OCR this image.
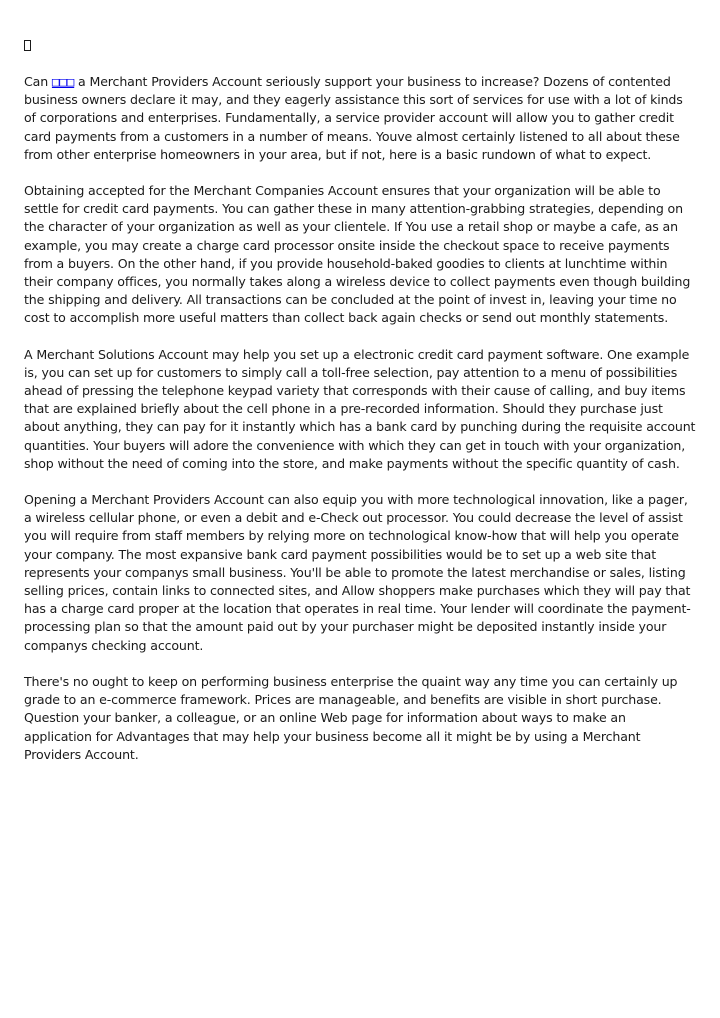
Can □□□ a Merchant Providers Account seriously support your business to increase? Dozens of contented business owners declare it may, and they eagerly assistance this sort of services for use with a lot of kinds of corporations and enterprises. Fundamentally, a service provider account will allow you to gather credit card payments from a customers in a number of means. Youve almost certainly listened to all about these from other enterprise homeowners in your area, but if not, here is a basic rundown of what to expect.

Obtaining accepted for the Merchant Companies Account ensures that your organization will be able to settle for credit card payments. You can gather these in many attention-grabbing strategies, depending on the character of your organization as well as your clientele. If You use a retail shop or maybe a cafe, as an example, you may create a charge card processor onsite inside the checkout space to receive payments from a buyers. On the other hand, if you provide household-baked goodies to clients at lunchtime within their company offices, you normally takes along a wireless device to collect payments even though building the shipping and delivery. All transactions can be concluded at the point of invest in, leaving your time no cost to accomplish more useful matters than collect back again checks or send out monthly statements.

A Merchant Solutions Account may help you set up a electronic credit card payment software. One example is, you can set up for customers to simply call a toll-free selection, pay attention to a menu of possibilities ahead of pressing the telephone keypad variety that corresponds with their cause of calling, and buy items that are explained briefly about the cell phone in a pre-recorded information. Should they purchase just about anything, they can pay for it instantly which has a bank card by punching during the requisite account quantities. Your buyers will adore the convenience with which they can get in touch with your organization, shop without the need of coming into the store, and make payments without the specific quantity of cash.

Opening a Merchant Providers Account can also equip you with more technological innovation, like a pager, a wireless cellular phone, or even a debit and e-Check out processor. You could decrease the level of assist you will require from staff members by relying more on technological know-how that will help you operate your company. The most expansive bank card payment possibilities would be to set up a web site that represents your companys small business. You'll be able to promote the latest merchandise or sales, listing selling prices, contain links to connected sites, and Allow shoppers make purchases which they will pay that has a charge card proper at the location that operates in real time. Your lender will coordinate the payment-processing plan so that the amount paid out by your purchaser might be deposited instantly inside your companys checking account.

There's no ought to keep on performing business enterprise the quaint way any time you can certainly up grade to an e-commerce framework. Prices are manageable, and benefits are visible in short purchase. Question your banker, a colleague, or an online Web page for information about ways to make an application for Advantages that may help your business become all it might be by using a Merchant Providers Account.
